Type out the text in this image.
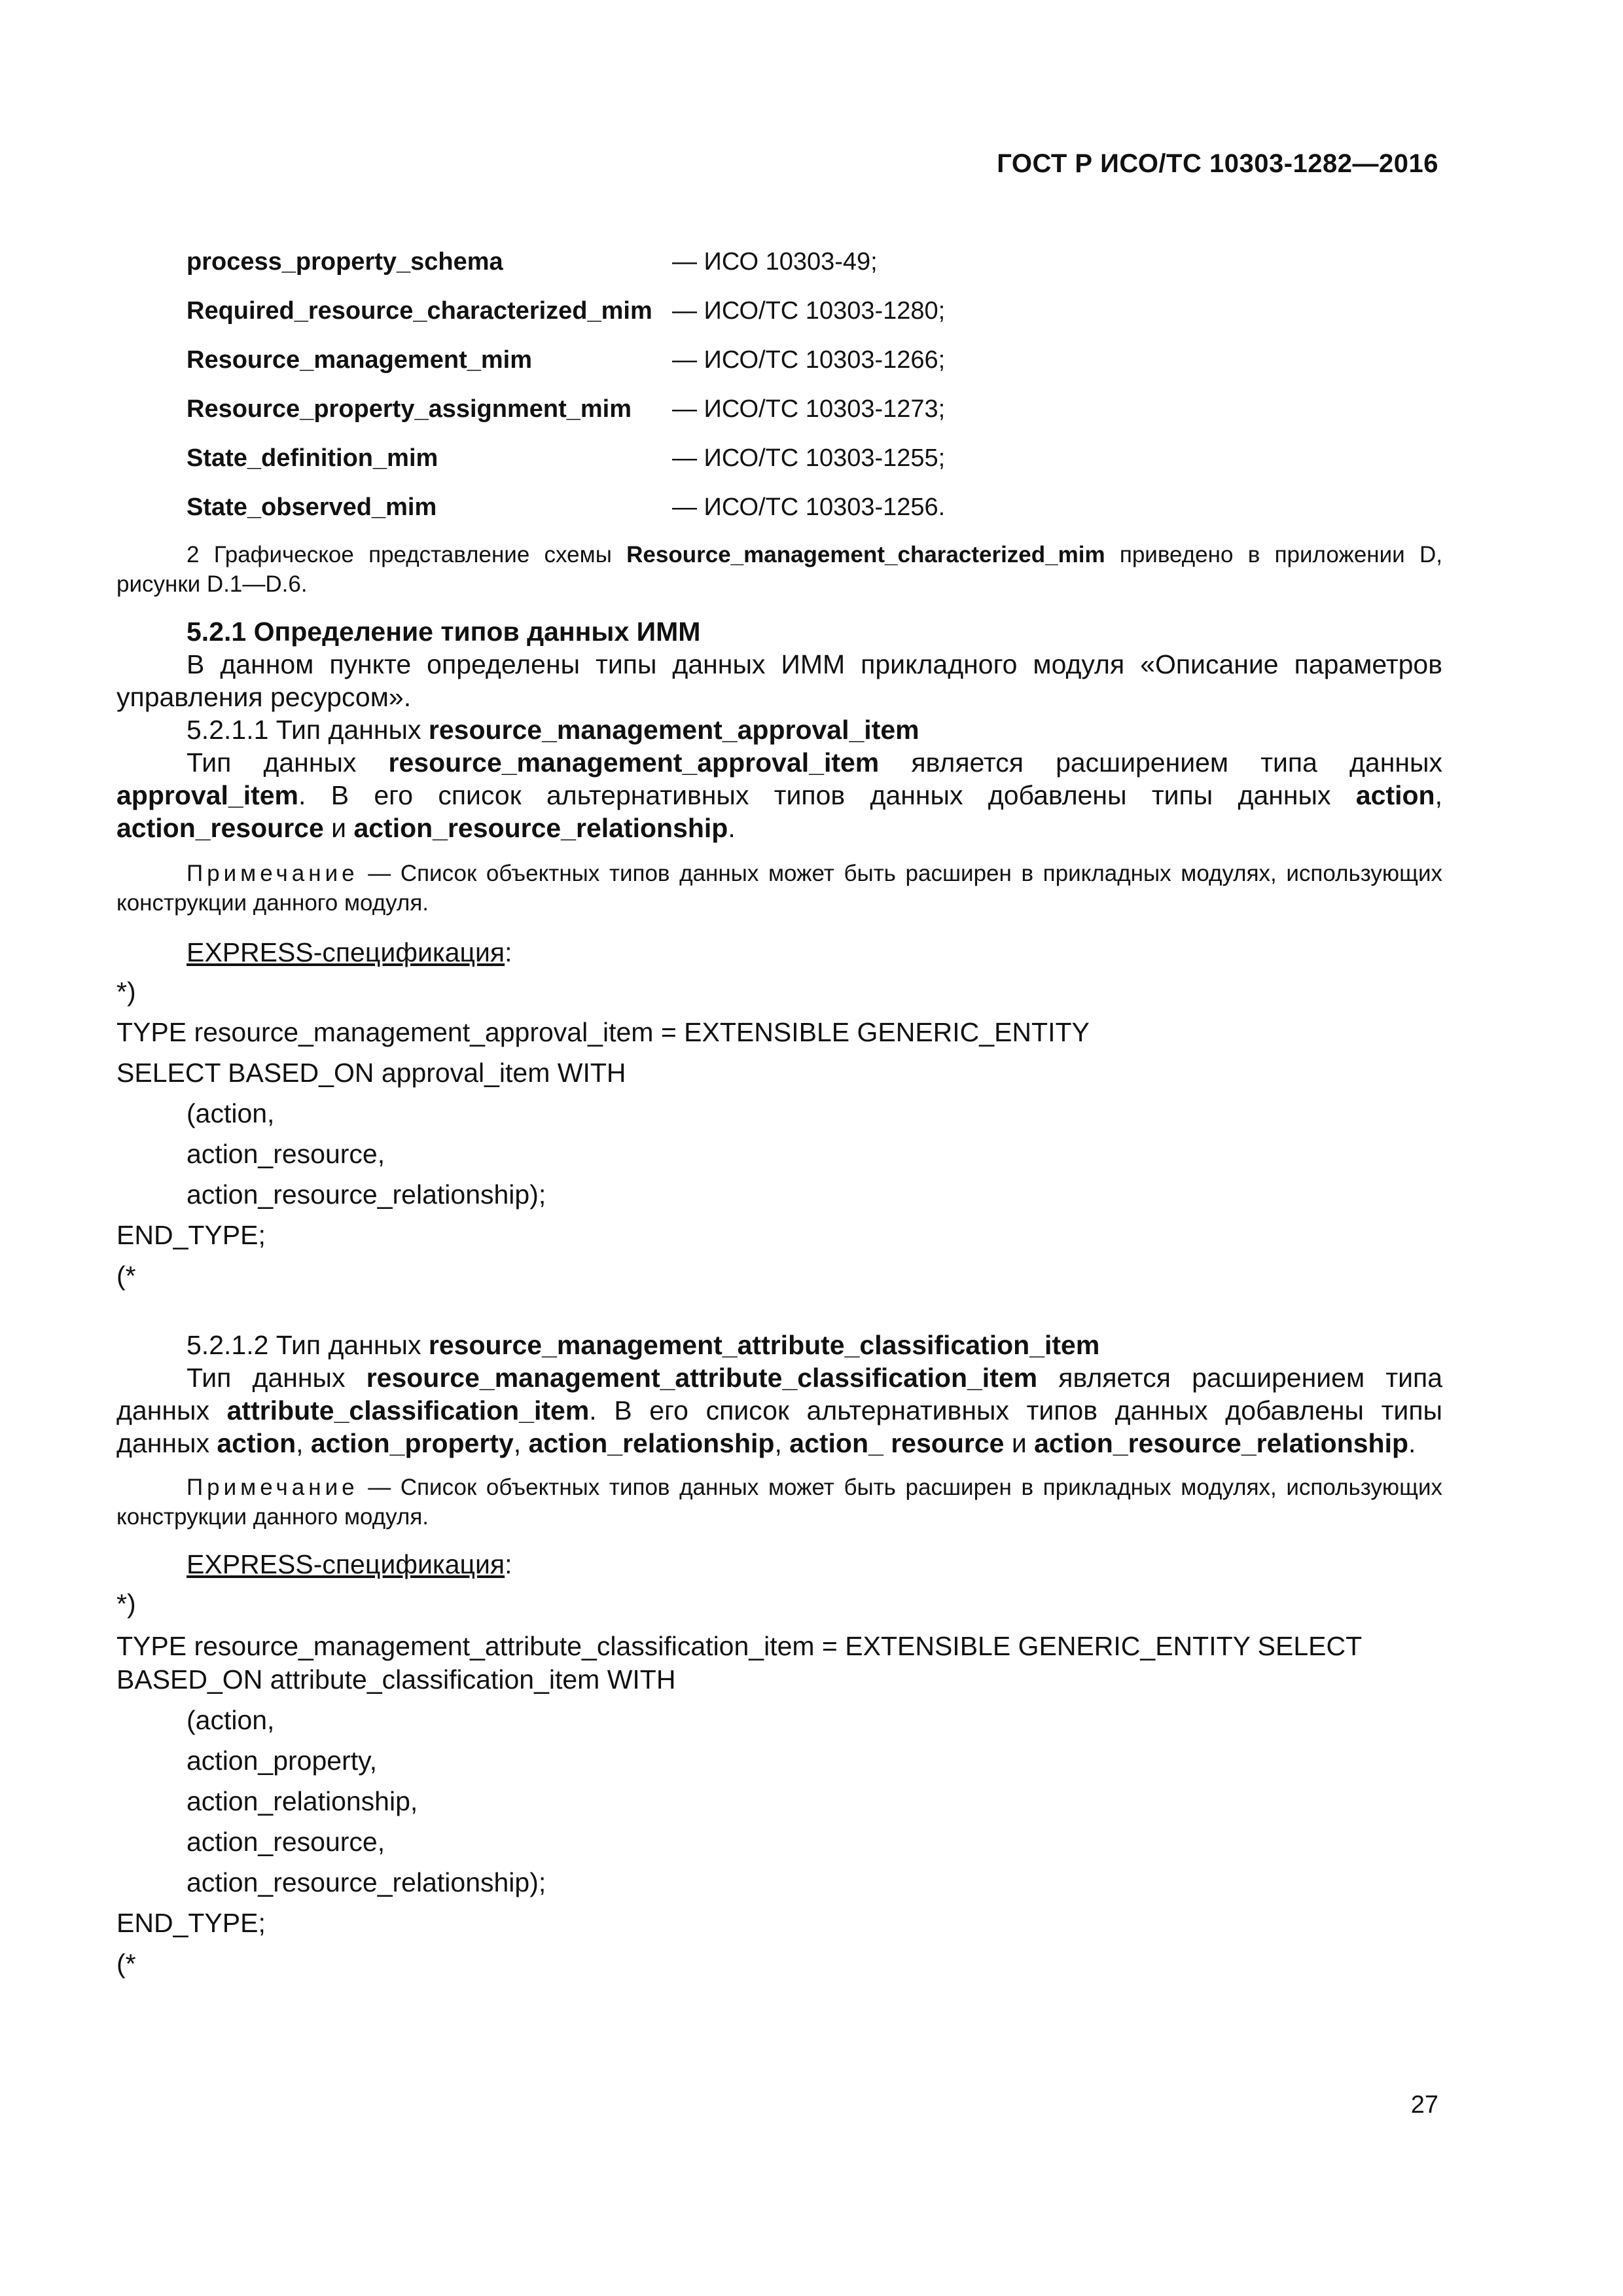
ГОСТ Р ИСО/ТС 10303-1282—2016
process_property_schema	— ИСО 10303-49;
Required_resource_characterized_mim — ИСО/ТС 10303-1280;
Resource_management_mim	— ИСО/ТС 10303-1266;
Resource_property_assignment_mim	— ИСО/ТС 10303-1273;
State_definition_mim	— ИСО/ТС 10303-1255;
State_observed_mim	— ИСО/ТС 10303-1256.
2 Графическое представление схемы Resource_management_characterized_mim приведено в приложении D, рисунки D.1—D.6.
5.2.1 Определение типов данных ИММ
В данном пункте определены типы данных ИММ прикладного модуля «Описание параметров управления ресурсом».
5.2.1.1 Тип данных resource_management_approval_item
Тип данных resource_management_approval_item является расширением типа данных approval_item. В его список альтернативных типов данных добавлены типы данных action, action_resource и action_resource_relationship.
Примечание — Список объектных типов данных может быть расширен в прикладных модулях, использующих конструкции данного модуля.
EXPRESS-спецификация:
*)
TYPE resource_management_approval_item = EXTENSIBLE GENERIC_ENTITY
SELECT BASED_ON approval_item WITH
(action,
action_resource,
action_resource_relationship);
END_TYPE;
(*
5.2.1.2 Тип данных resource_management_attribute_classification_item
Тип данных resource_management_attribute_classification_item является расширением типа данных attribute_classification_item. В его список альтернативных типов данных добавлены типы данных action, action_property, action_relationship, action_ resource и action_resource_relationship.
Примечание — Список объектных типов данных может быть расширен в прикладных модулях, использующих конструкции данного модуля.
EXPRESS-спецификация:
*)
TYPE resource_management_attribute_classification_item = EXTENSIBLE GENERIC_ENTITY SELECT
BASED_ON attribute_classification_item WITH
(action,
action_property,
action_relationship,
action_resource,
action_resource_relationship);
END_TYPE;
(*
27
